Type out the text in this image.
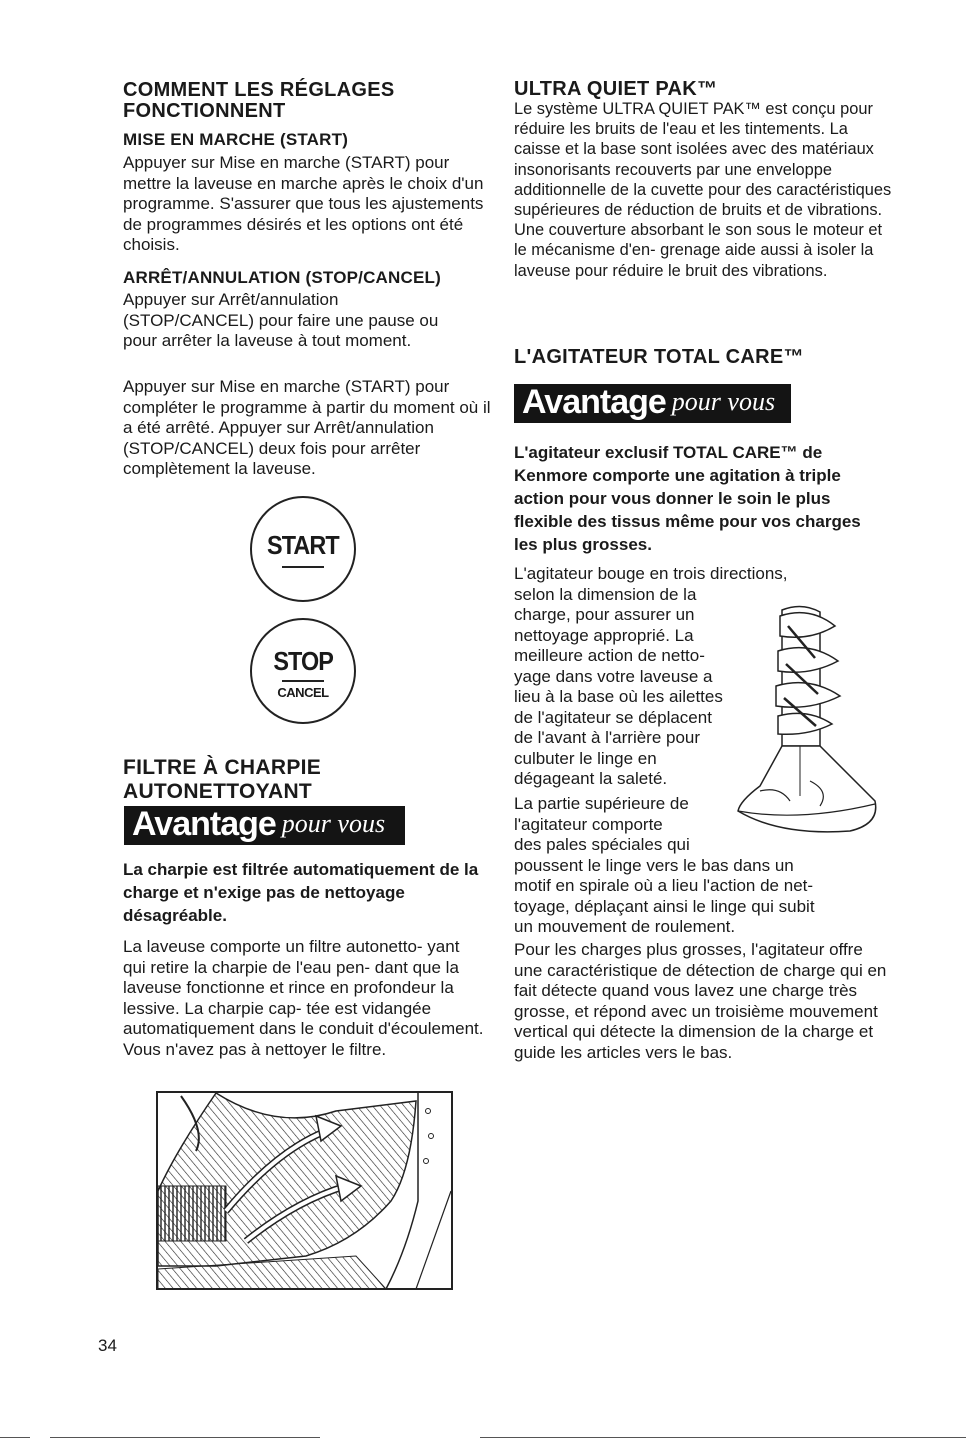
COMMENT LES RÉGLAGES FONCTIONNENT
MISE EN MARCHE (START)

Appuyer sur Mise en marche (START) pour mettre la laveuse en marche après le choix d'un programme. S'assurer que tous les ajustements de programmes désirés et les options ont été choisis.

ARRÊT/ANNULATION (STOP/CANCEL)

Appuyer sur Arrêt/annulation (STOP/CANCEL) pour faire une pause ou pour arrêter la laveuse à tout moment.

Appuyer sur Mise en marche (START) pour compléter le programme à partir du moment où il a été arrêté. Appuyer sur Arrêt/annulation (STOP/CANCEL) deux fois pour arrêter complètement la laveuse.

START
STOP
CANCEL
FILTRE À CHARPIE AUTONETTOYANT
Avantage pour vous

La charpie est filtrée automatiquement de la charge et n'exige pas de nettoyage désagréable.

La laveuse comporte un filtre autonetto- yant qui retire la charpie de l'eau pen- dant que la laveuse fonctionne et rince en profondeur la lessive. La charpie cap- tée est vidangée automatiquement dans le conduit d'écoulement. Vous n'avez pas à nettoyer le filtre.

ULTRA QUIET PAK™

Le système ULTRA QUIET PAK™ est conçu pour réduire les bruits de l'eau et les tintements. La caisse et la base sont isolées avec des matériaux insonorisants recouverts par une enveloppe additionnelle de la cuvette pour des caractéristiques supérieures de réduction de bruits et de vibrations. Une couverture absorbant le son sous le moteur et le mécanisme d'en- grenage aide aussi à isoler la laveuse pour réduire le bruit des vibrations.

L'AGITATEUR TOTAL CARE™
Avantage pour vous

L'agitateur exclusif TOTAL CARE™ de Kenmore comporte une agitation à triple action pour vous donner le soin le plus flexible des tissus même pour vos charges les plus grosses.

L'agitateur bouge en trois directions,
selon la dimension de la
charge, pour assurer un
nettoyage approprié. La
meilleure action de netto-
yage dans votre laveuse a
lieu à la base où les ailettes
de l'agitateur se déplacent
de l'avant à l'arrière pour
culbuter le linge en
dégageant la saleté.
La partie supérieure de
l'agitateur comporte
des pales spéciales qui
poussent le linge vers le bas dans un
motif en spirale où a lieu l'action de net-
toyage, déplaçant ainsi le linge qui subit
un mouvement de roulement.

Pour les charges plus grosses, l'agitateur offre une caractéristique de détection de charge qui en fait détecte quand vous lavez une charge très grosse, et répond avec un troisième mouvement vertical qui détecte la dimension de la charge et guide les articles vers le bas.

34
